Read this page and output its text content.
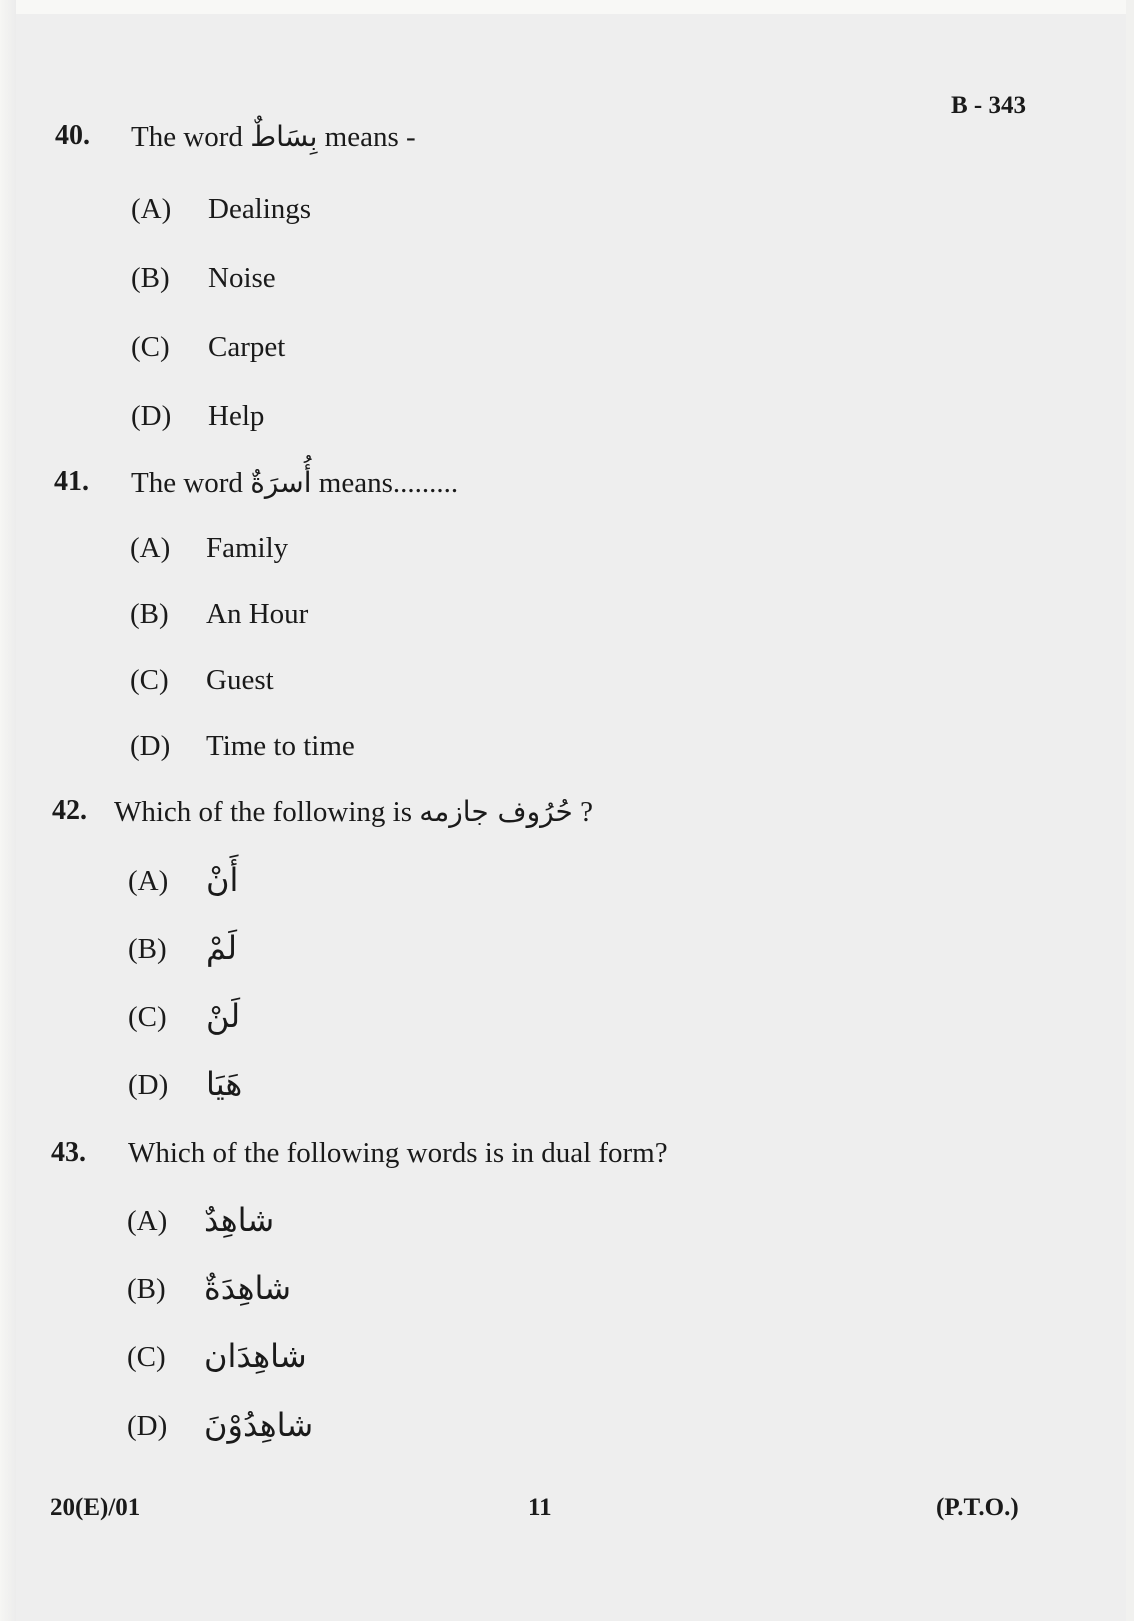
B - 343
40. The word بِسَاطٌ means -
(A) Dealings
(B) Noise
(C) Carpet
(D) Help
41. The word أُسرَةٌ means.........
(A) Family
(B) An Hour
(C) Guest
(D) Time to time
42. Which of the following is حُرُوف جازمه ?
(A) أَنْ
(B) لَمْ
(C) لَنْ
(D) هَيَا
43. Which of the following words is in dual form?
(A) شاهِدٌ
(B) شاهِدَةٌ
(C) شاهِدَان
(D) شاهِدُوْنَ
20(E)/01	11	(P.T.O.)
